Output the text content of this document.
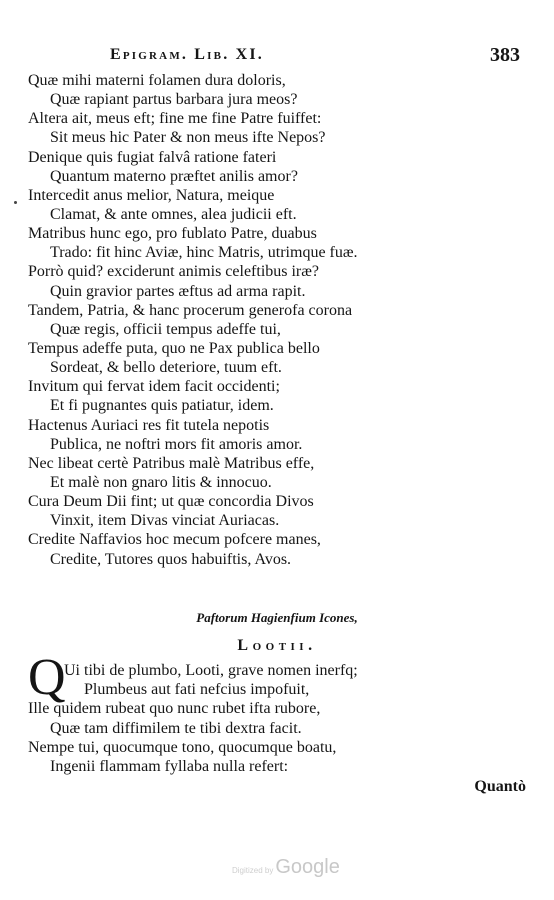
Epigram. Lib. XI.	383
Quæ mihi materni folamen dura doloris,
Quæ rapiant partus barbara jura meos?
Altera ait, meus eft; fine me fine Patre fuiffet:
Sit meus hic Pater & non meus ifte Nepos?
Denique quis fugiat falvâ ratione fateri
Quantum materno præftet anilis amor?
Intercedit anus melior, Natura, meique
Clamat, & ante omnes, alea judicii eft.
Matribus hunc ego, pro fublato Patre, duabus
Trado: fit hinc Aviæ, hinc Matris, utrimque fuæ.
Porrò quid? exciderunt animis celeftibus iræ?
Quin gravior partes æftus ad arma rapit.
Tandem, Patria, & hanc procerum generofa corona
Quæ regis, officii tempus adeffe tui,
Tempus adeffe puta, quo ne Pax publica bello
Sordeat, & bello deteriore, tuum eft.
Invitum qui fervat idem facit occidenti;
Et fi pugnantes quis patiatur, idem.
Hactenus Auriaci res fit tutela nepotis
Publica, ne noftri mors fit amoris amor.
Nec libeat certè Patribus malè Matribus effe,
Et malè non gnaro litis & innocuo.
Cura Deum Dii fint; ut quæ concordia Divos
Vinxit, item Divas vinciat Auriacas.
Credite Naffavios hoc mecum pofcere manes,
Credite, Tutores quos habuiftis, Avos.
Paftorum Hagienfium Icones,
Lootii.
Q
Ui tibi de plumbo, Looti, grave nomen inerfq;
Plumbeus aut fati nefcius impofuit,
Ille quidem rubeat quo nunc rubet ifta rubore,
Quæ tam diffimilem te tibi dextra facit.
Nempe tui, quocumque tono, quocumque boatu,
Ingenii flammam fyllaba nulla refert:
Quantò
Digitized by Google
